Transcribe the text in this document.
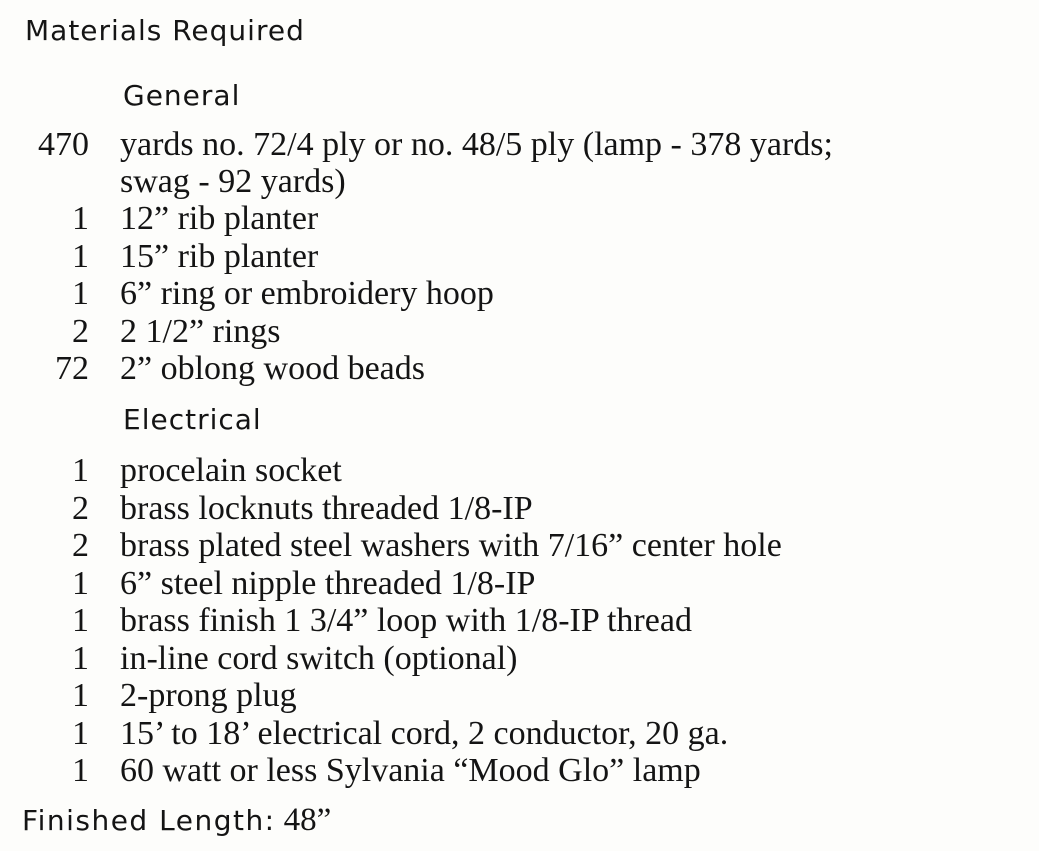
Materials Required
General
470 yards no. 72/4 ply or no. 48/5 ply (lamp - 378 yards;
swag - 92 yards)
1 12” rib planter
1 15” rib planter
1 6” ring or embroidery hoop
2 2 1/2” rings
72 2” oblong wood beads
Electrical
1 procelain socket
2 brass locknuts threaded 1/8-IP
2 brass plated steel washers with 7/16” center hole
1 6” steel nipple threaded 1/8-IP
1 brass finish 1 3/4” loop with 1/8-IP thread
1 in-line cord switch (optional)
1 2-prong plug
1 15’ to 18’ electrical cord, 2 conductor, 20 ga.
1 60 watt or less Sylvania “Mood Glo” lamp
Finished Length: 48”
